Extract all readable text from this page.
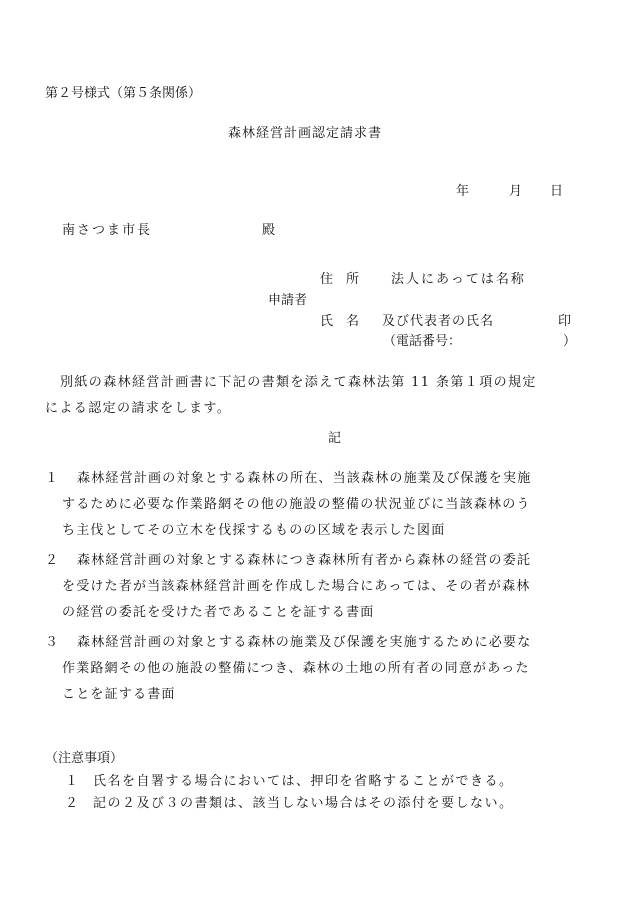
第２号様式（第５条関係）
森林経営計画認定請求書
年	月 日
南さつま市長	殿
住　所 法人にあっては名称
申請者
氏　名 及び代表者の氏名	印
（電話番号：	）
別紙の森林経営計画書に下記の書類を添えて森林法第 11 条第１項の規定
による認定の請求をします。
記
１	森林経営計画の対象とする森林の所在、当該森林の施業及び保護を実施
するために必要な作業路網その他の施設の整備の状況並びに当該森林のう
ち主伐としてその立木を伐採するものの区域を表示した図面
２	森林経営計画の対象とする森林につき森林所有者から森林の経営の委託
を受けた者が当該森林経営計画を作成した場合にあっては、その者が森林
の経営の委託を受けた者であることを証する書面
３	森林経営計画の対象とする森林の施業及び保護を実施するために必要な
作業路網その他の施設の整備につき、森林の土地の所有者の同意があった
ことを証する書面
（注意事項）
１ 氏名を自署する場合においては、押印を省略することができる。
２ 記の２及び３の書類は、該当しない場合はその添付を要しない。
